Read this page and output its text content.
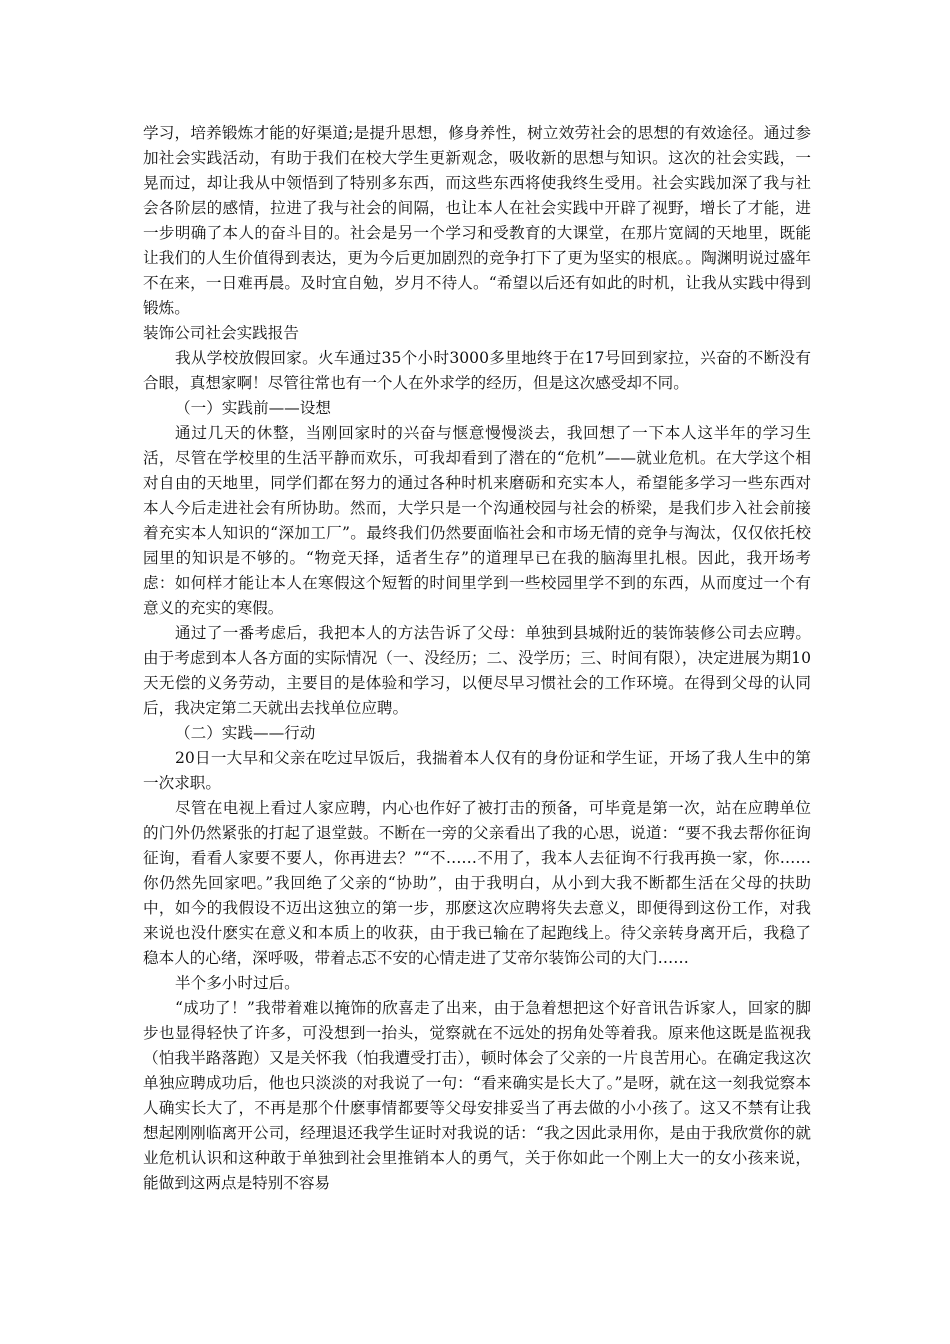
学习，培养锻炼才能的好渠道;是提升思想，修身养性，树立效劳社会的思想的有效途径。通过参加社会实践活动，有助于我们在校大学生更新观念，吸收新的思想与知识。这次的社会实践，一晃而过，却让我从中领悟到了特别多东西，而这些东西将使我终生受用。社会实践加深了我与社会各阶层的感情，拉进了我与社会的间隔，也让本人在社会实践中开辟了视野，增长了才能，进一步明确了本人的奋斗目的。社会是另一个学习和受教育的大课堂，在那片宽阔的天地里，既能让我们的人生价值得到表达，更为今后更加剧烈的竞争打下了更为坚实的根底。。陶渊明说过盛年不在来，一日难再晨。及时宜自勉，岁月不待人。“希望以后还有如此的时机，让我从实践中得到锻炼。

装饰公司社会实践报告

我从学校放假回家。火车通过35个小时3000多里地终于在17号回到家拉，兴奋的不断没有合眼，真想家啊！尽管往常也有一个人在外求学的经历，但是这次感受却不同。

（一）实践前——设想

通过几天的休整，当刚回家时的兴奋与惬意慢慢淡去，我回想了一下本人这半年的学习生活，尽管在学校里的生活平静而欢乐，可我却看到了潜在的“危机”——就业危机。在大学这个相对自由的天地里，同学们都在努力的通过各种时机来磨砺和充实本人，希望能多学习一些东西对本人今后走进社会有所协助。然而，大学只是一个沟通校园与社会的桥梁，是我们步入社会前接着充实本人知识的“深加工厂”。最终我们仍然要面临社会和市场无情的竞争与淘汰，仅仅依托校园里的知识是不够的。“物竞天择，适者生存”的道理早已在我的脑海里扎根。因此，我开场考虑：如何样才能让本人在寒假这个短暂的时间里学到一些校园里学不到的东西，从而度过一个有意义的充实的寒假。

通过了一番考虑后，我把本人的方法告诉了父母：单独到县城附近的装饰装修公司去应聘。由于考虑到本人各方面的实际情况（一、没经历；二、没学历；三、时间有限），决定进展为期10天无偿的义务劳动，主要目的是体验和学习，以便尽早习惯社会的工作环境。在得到父母的认同后，我决定第二天就出去找单位应聘。

（二）实践——行动

20日一大早和父亲在吃过早饭后，我揣着本人仅有的身份证和学生证，开场了我人生中的第一次求职。

尽管在电视上看过人家应聘，内心也作好了被打击的预备，可毕竟是第一次，站在应聘单位的门外仍然紧张的打起了退堂鼓。不断在一旁的父亲看出了我的心思，说道：“要不我去帮你征询征询，看看人家要不要人，你再进去？”“不……不用了，我本人去征询不行我再换一家，你……你仍然先回家吧。”我回绝了父亲的“协助”，由于我明白，从小到大我不断都生活在父母的扶助中，如今的我假设不迈出这独立的第一步，那麽这次应聘将失去意义，即便得到这份工作，对我来说也没什麽实在意义和本质上的收获，由于我已输在了起跑线上。待父亲转身离开后，我稳了稳本人的心绪，深呼吸，带着忐忑不安的心情走进了艾帝尔装饰公司的大门……

半个多小时过后。

“成功了！”我带着难以掩饰的欣喜走了出来，由于急着想把这个好音讯告诉家人，回家的脚步也显得轻快了许多，可没想到一抬头，觉察就在不远处的拐角处等着我。原来他这既是监视我（怕我半路落跑）又是关怀我（怕我遭受打击），顿时体会了父亲的一片良苦用心。在确定我这次单独应聘成功后，他也只淡淡的对我说了一句：“看来确实是长大了。”是呀，就在这一刻我觉察本人确实长大了，不再是那个什麽事情都要等父母安排妥当了再去做的小小孩了。这又不禁有让我想起刚刚临离开公司，经理退还我学生证时对我说的话：“我之因此录用你，是由于我欣赏你的就业危机认识和这种敢于单独到社会里推销本人的勇气，关于你如此一个刚上大一的女小孩来说，能做到这两点是特别不容易
